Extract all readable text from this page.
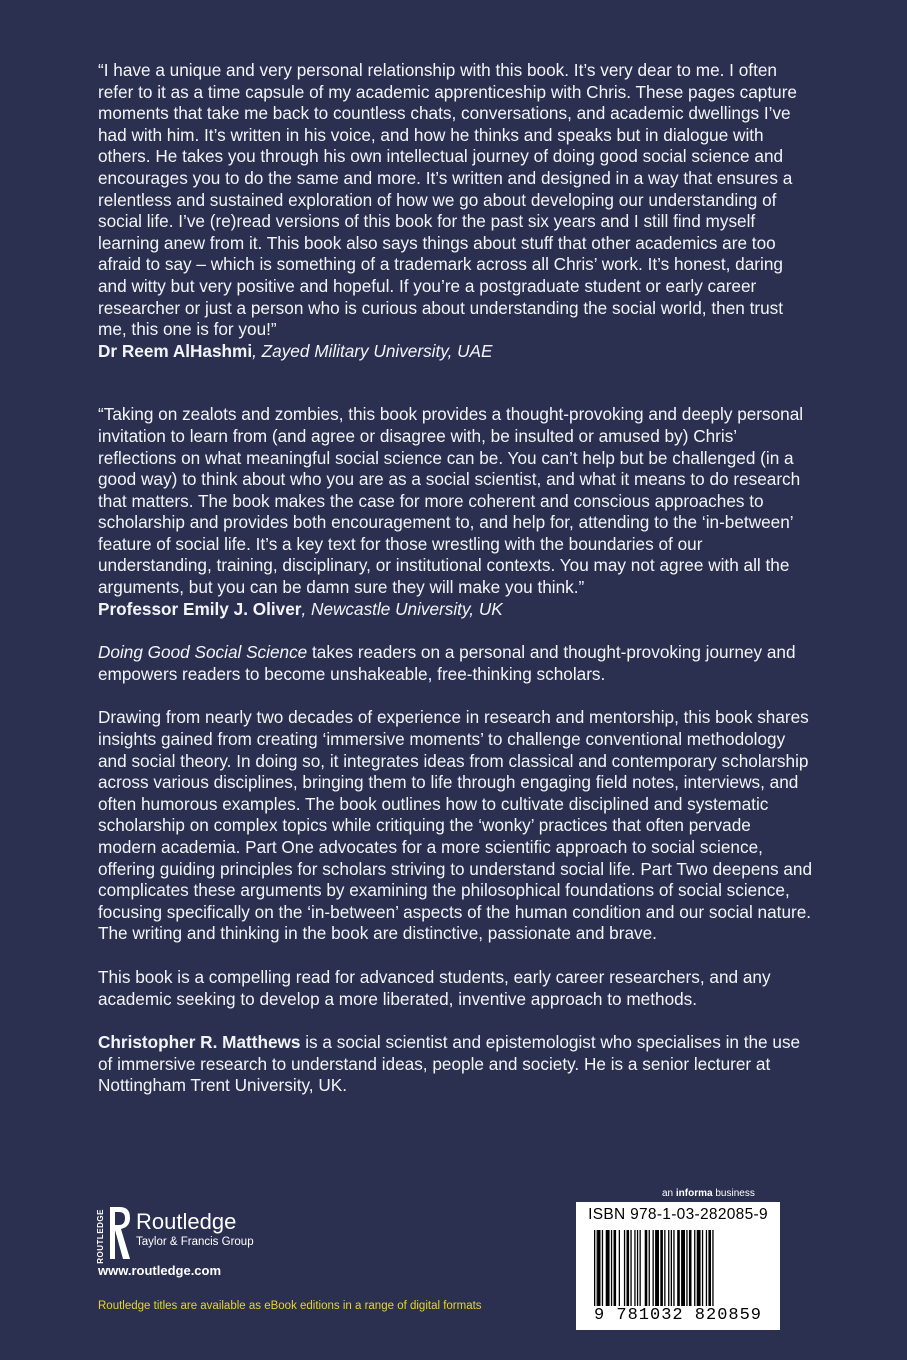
“I have a unique and very personal relationship with this book. It’s very dear to me. I often refer to it as a time capsule of my academic apprenticeship with Chris. These pages capture moments that take me back to countless chats, conversations, and academic dwellings I’ve had with him. It’s written in his voice, and how he thinks and speaks but in dialogue with others. He takes you through his own intellectual journey of doing good social science and encourages you to do the same and more. It’s written and designed in a way that ensures a relentless and sustained exploration of how we go about developing our understanding of social life. I’ve (re)read versions of this book for the past six years and I still find myself learning anew from it. This book also says things about stuff that other academics are too afraid to say – which is something of a trademark across all Chris’ work. It’s honest, daring and witty but very positive and hopeful. If you’re a postgraduate student or early career researcher or just a person who is curious about understanding the social world, then trust me, this one is for you!”

Dr Reem AlHashmi, Zayed Military University, UAE

“Taking on zealots and zombies, this book provides a thought-provoking and deeply personal invitation to learn from (and agree or disagree with, be insulted or amused by) Chris’ reflections on what meaningful social science can be. You can’t help but be challenged (in a good way) to think about who you are as a social scientist, and what it means to do research that matters. The book makes the case for more coherent and conscious approaches to scholarship and provides both encouragement to, and help for, attending to the ‘in-between’ feature of social life. It’s a key text for those wrestling with the boundaries of our understanding, training, disciplinary, or institutional contexts. You may not agree with all the arguments, but you can be damn sure they will make you think.”

Professor Emily J. Oliver, Newcastle University, UK

Doing Good Social Science takes readers on a personal and thought-provoking journey and empowers readers to become unshakeable, free-thinking scholars.

Drawing from nearly two decades of experience in research and mentorship, this book shares insights gained from creating ‘immersive moments’ to challenge conventional methodology and social theory. In doing so, it integrates ideas from classical and contemporary scholarship across various disciplines, bringing them to life through engaging field notes, interviews, and often humorous examples. The book outlines how to cultivate disciplined and systematic scholarship on complex topics while critiquing the ‘wonky’ practices that often pervade modern academia. Part One advocates for a more scientific approach to social science, offering guiding principles for scholars striving to understand social life. Part Two deepens and complicates these arguments by examining the philosophical foundations of social science, focusing specifically on the ‘in-between’ aspects of the human condition and our social nature. The writing and thinking in the book are distinctive, passionate and brave.

This book is a compelling read for advanced students, early career researchers, and any academic seeking to develop a more liberated, inventive approach to methods.

Christopher R. Matthews is a social scientist and epistemologist who specialises in the use of immersive research to understand ideas, people and society. He is a senior lecturer at Nottingham Trent University, UK.

ROUTLEDGE Routledge
Taylor & Francis Group
www.routledge.com
Routledge titles are available as eBook editions in a range of digital formats
an informa business
ISBN 978-1-03-282085-9
9 781032 820859
